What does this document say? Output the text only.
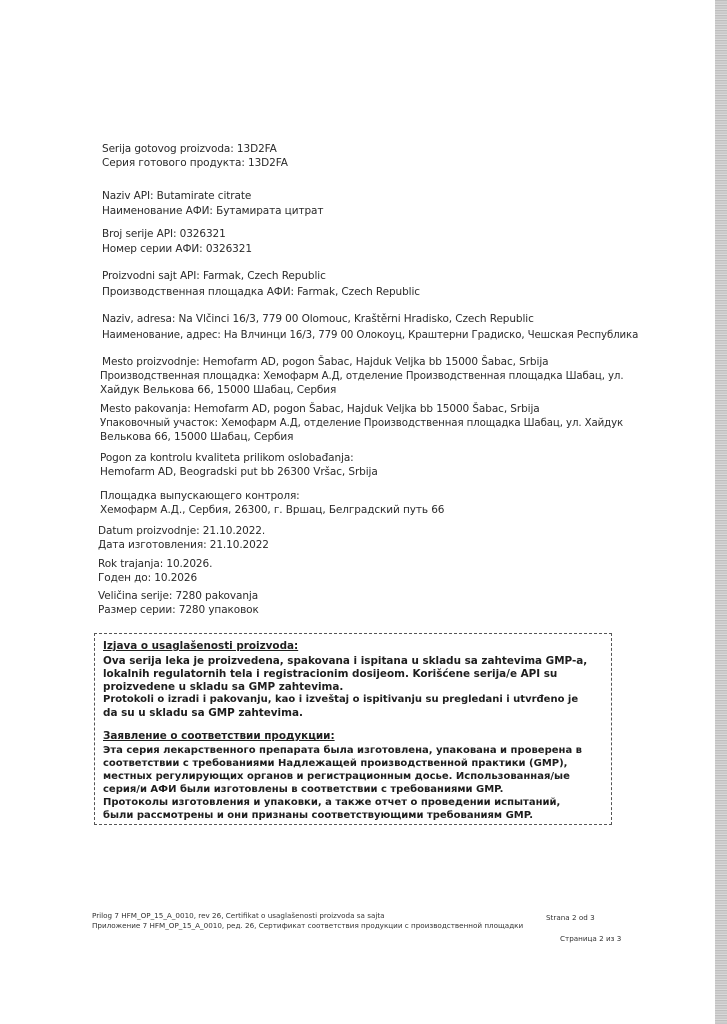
Serija gotovog proizvoda: 13D2FA
Серия готового продукта: 13D2FA
Naziv API: Butamirate citrate
Наименование АФИ: Бутамирата цитрат
Broj serije API: 0326321
Номер серии АФИ: 0326321
Proizvodni sajt API: Farmak, Czech Republic
Производственная площадка АФИ: Farmak, Czech Republic
Naziv, adresa: Na Vlčinci 16/3, 779 00 Olomouc, Kraštěrni Hradisko, Czech Republic
Наименование, адрес: На Влчинци 16/3, 779 00 Олокоуц, Краштерни Градиско, Чешская Республика
Mesto proizvodnje: Hemofarm AD, pogon Šabac, Hajduk Veljka bb 15000 Šabac, Srbija
Производственная площадка: Хемофарм А.Д, отделение Производственная площадка Шабац, ул.
Хайдук Велькова 66, 15000 Шабац, Сербия
Mesto pakovanja: Hemofarm AD, pogon Šabac, Hajduk Veljka bb 15000 Šabac, Srbija
Упаковочный участок: Хемофарм А.Д, отделение Производственная площадка Шабац, ул. Хайдук
Велькова 66, 15000 Шабац, Сербия
Pogon za kontrolu kvaliteta prilikom oslobađanja:
Hemofarm AD, Beogradski put bb 26300 Vršac, Srbija
Площадка выпускающего контроля:
Хемофарм А.Д., Сербия, 26300, г. Вршац, Белградский путь 66
Datum proizvodnje: 21.10.2022.
Дата изготовления: 21.10.2022
Rok trajanja: 10.2026.
Годен до: 10.2026
Veličina serije: 7280 pakovanja
Размер серии: 7280 упаковок
Izjava o usaglašenosti proizvoda:
Ova serija leka je proizvedena, spakovana i ispitana u skladu sa zahtevima GMP-a,
lokalnih regulatornih tela i registracionim dosijeom. Korišćene serija/e API su
proizvedene u skladu sa GMP zahtevima.
Protokoli o izradi i pakovanju, kao i izveštaj o ispitivanju su pregledani i utvrđeno je
da su u skladu sa GMP zahtevima.
Заявление о соответствии продукции:
Эта серия лекарственного препарата была изготовлена, упакована и проверена в
соответствии с требованиями Надлежащей производственной практики (GMP),
местных регулирующих органов и регистрационным досье. Использованная/ые
серия/и АФИ были изготовлены в соответствии с требованиями GMP.
Протоколы изготовления и упаковки, а также отчет о проведении испытаний,
были рассмотрены и они признаны соответствующими требованиям GMP.
Prilog 7 HFM_OP_15_A_0010, rev 26, Certifikat o usaglašenosti proizvoda sa sajta
Приложение 7 HFM_OP_15_A_0010, ред. 26, Сертификат соответствия продукции с производственной площадки
Strana 2 od 3
Страница 2 из 3
